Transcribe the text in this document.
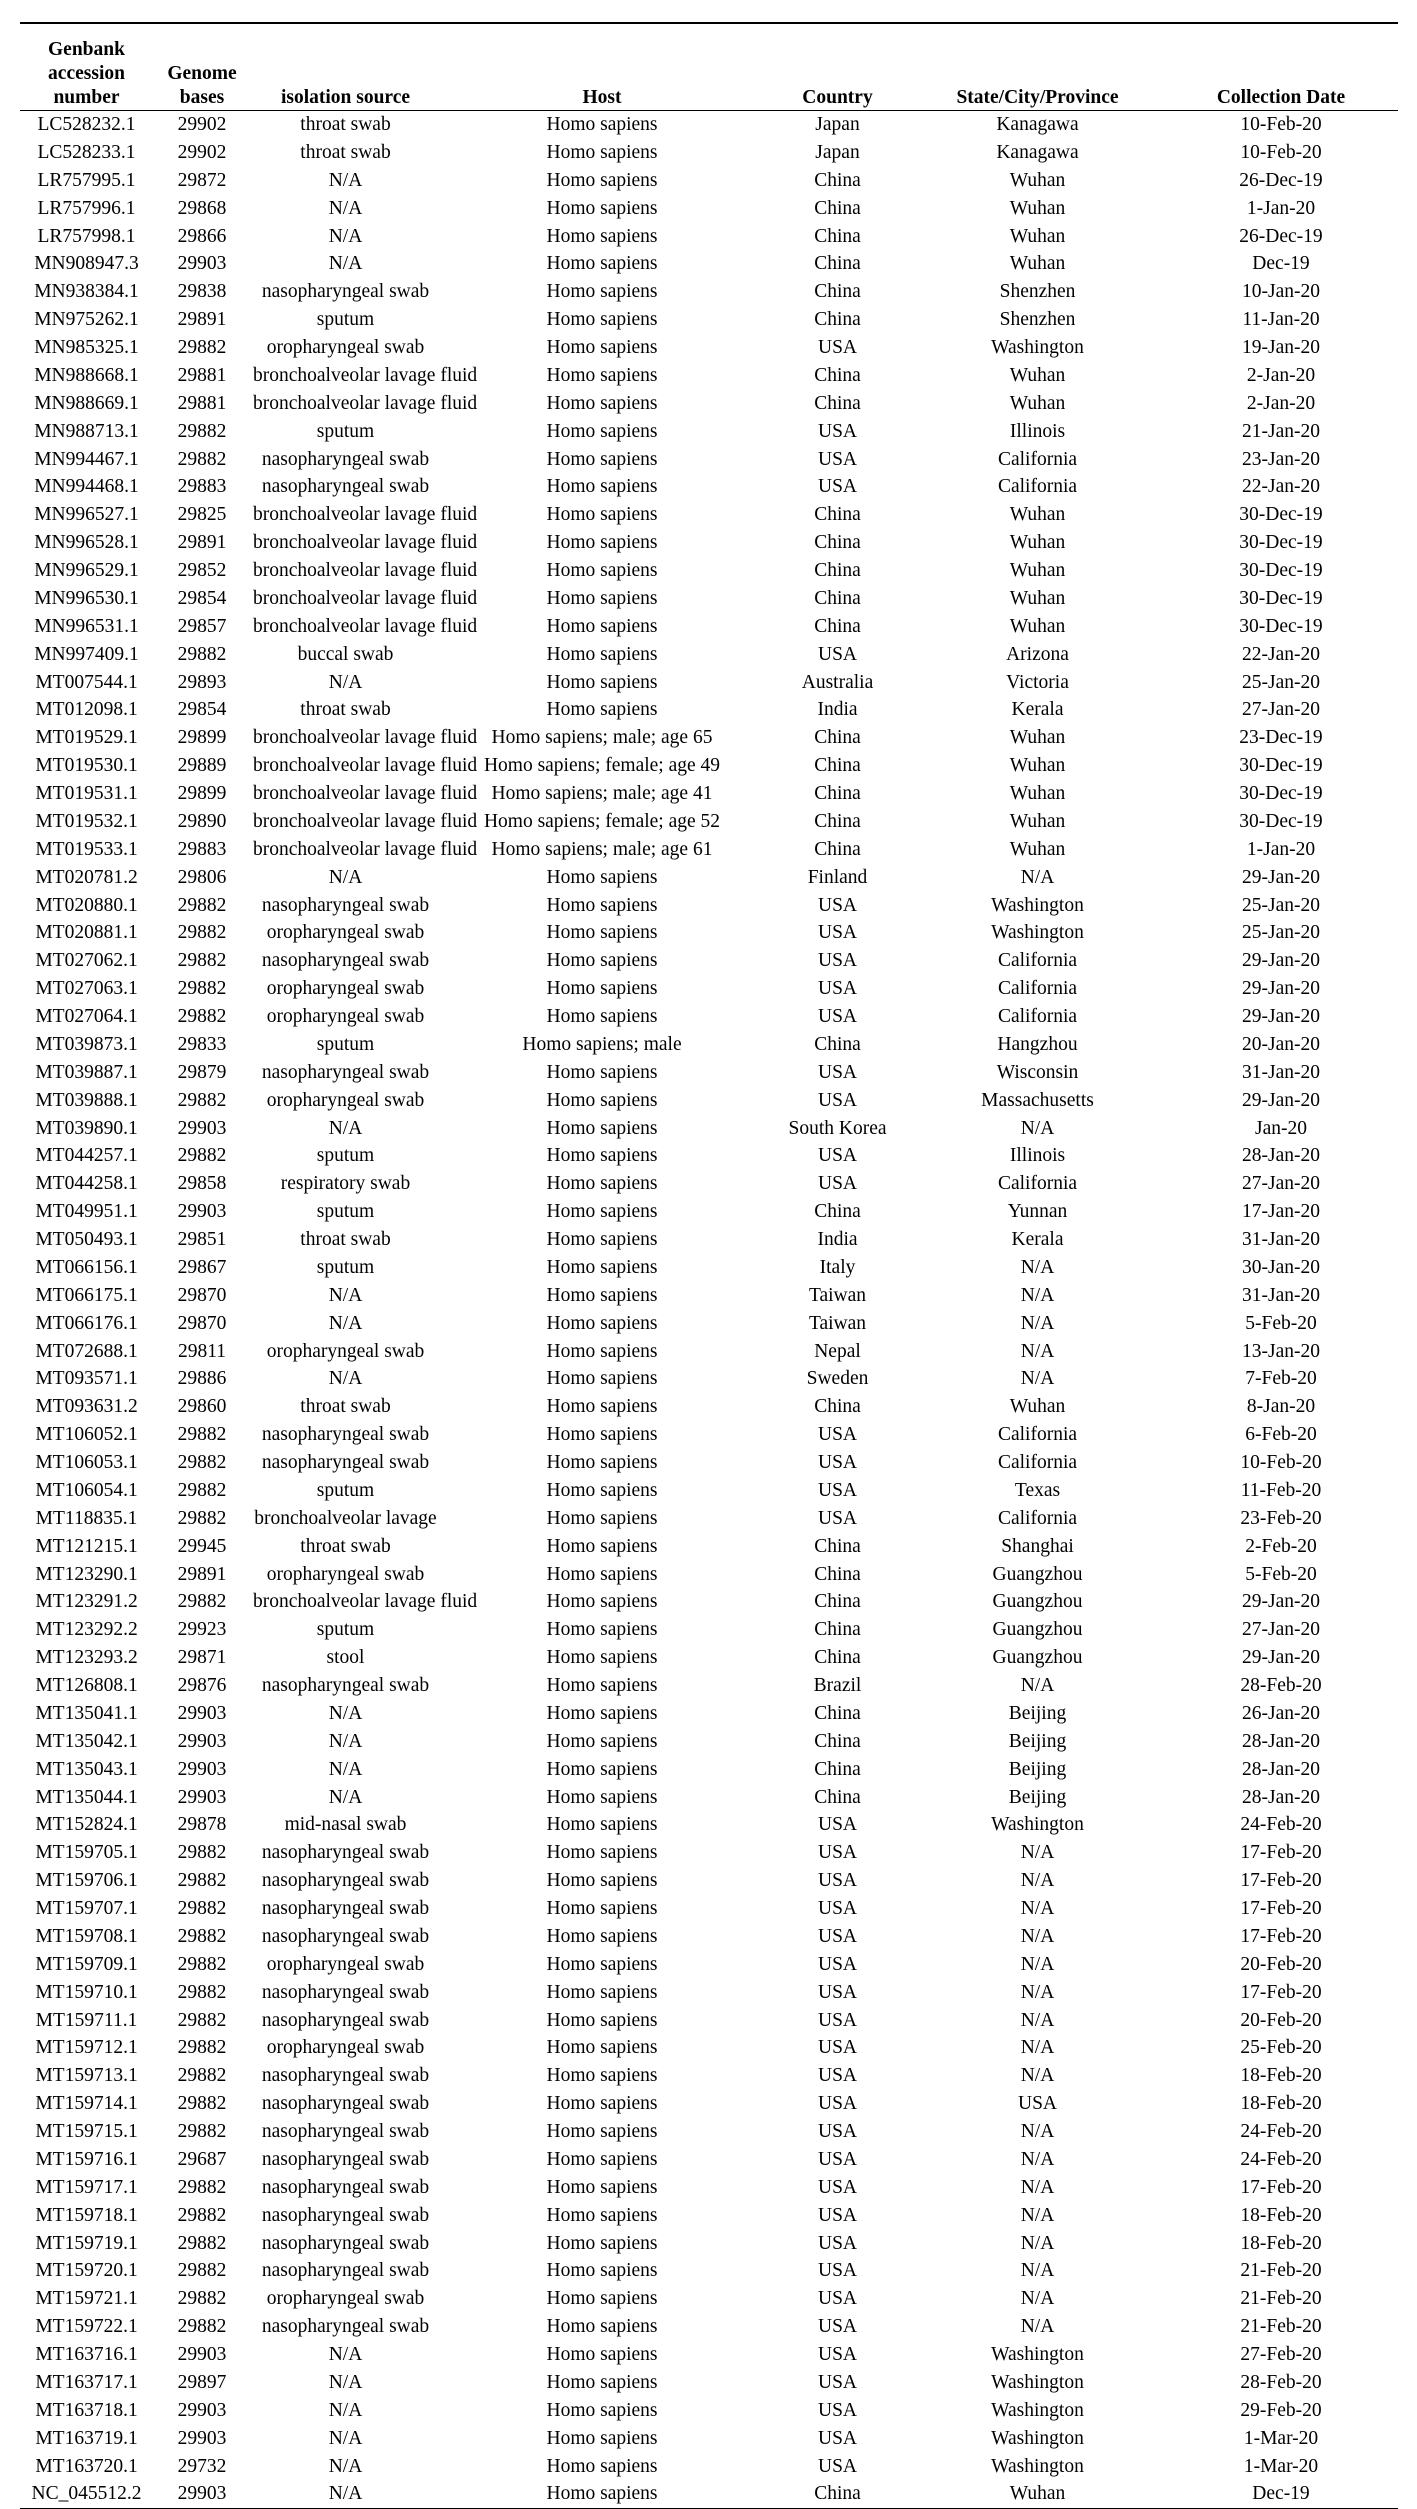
Genbank accession number	Genome bases	isolation source	Host	Country	State/City/Province	Collection Date
LC528232.1	29902	throat swab	Homo sapiens	Japan	Kanagawa	10-Feb-20
LC528233.1	29902	throat swab	Homo sapiens	Japan	Kanagawa	10-Feb-20
LR757995.1	29872	N/A	Homo sapiens	China	Wuhan	26-Dec-19
LR757996.1	29868	N/A	Homo sapiens	China	Wuhan	1-Jan-20
LR757998.1	29866	N/A	Homo sapiens	China	Wuhan	26-Dec-19
MN908947.3	29903	N/A	Homo sapiens	China	Wuhan	Dec-19
MN938384.1	29838	nasopharyngeal swab	Homo sapiens	China	Shenzhen	10-Jan-20
MN975262.1	29891	sputum	Homo sapiens	China	Shenzhen	11-Jan-20
MN985325.1	29882	oropharyngeal swab	Homo sapiens	USA	Washington	19-Jan-20
MN988668.1	29881	bronchoalveolar lavage fluid	Homo sapiens	China	Wuhan	2-Jan-20
MN988669.1	29881	bronchoalveolar lavage fluid	Homo sapiens	China	Wuhan	2-Jan-20
MN988713.1	29882	sputum	Homo sapiens	USA	Illinois	21-Jan-20
MN994467.1	29882	nasopharyngeal swab	Homo sapiens	USA	California	23-Jan-20
MN994468.1	29883	nasopharyngeal swab	Homo sapiens	USA	California	22-Jan-20
MN996527.1	29825	bronchoalveolar lavage fluid	Homo sapiens	China	Wuhan	30-Dec-19
MN996528.1	29891	bronchoalveolar lavage fluid	Homo sapiens	China	Wuhan	30-Dec-19
MN996529.1	29852	bronchoalveolar lavage fluid	Homo sapiens	China	Wuhan	30-Dec-19
MN996530.1	29854	bronchoalveolar lavage fluid	Homo sapiens	China	Wuhan	30-Dec-19
MN996531.1	29857	bronchoalveolar lavage fluid	Homo sapiens	China	Wuhan	30-Dec-19
MN997409.1	29882	buccal swab	Homo sapiens	USA	Arizona	22-Jan-20
MT007544.1	29893	N/A	Homo sapiens	Australia	Victoria	25-Jan-20
MT012098.1	29854	throat swab	Homo sapiens	India	Kerala	27-Jan-20
MT019529.1	29899	bronchoalveolar lavage fluid	Homo sapiens; male; age 65	China	Wuhan	23-Dec-19
MT019530.1	29889	bronchoalveolar lavage fluid	Homo sapiens; female; age 49	China	Wuhan	30-Dec-19
MT019531.1	29899	bronchoalveolar lavage fluid	Homo sapiens; male; age 41	China	Wuhan	30-Dec-19
MT019532.1	29890	bronchoalveolar lavage fluid	Homo sapiens; female; age 52	China	Wuhan	30-Dec-19
MT019533.1	29883	bronchoalveolar lavage fluid	Homo sapiens; male; age 61	China	Wuhan	1-Jan-20
MT020781.2	29806	N/A	Homo sapiens	Finland	N/A	29-Jan-20
MT020880.1	29882	nasopharyngeal swab	Homo sapiens	USA	Washington	25-Jan-20
MT020881.1	29882	oropharyngeal swab	Homo sapiens	USA	Washington	25-Jan-20
MT027062.1	29882	nasopharyngeal swab	Homo sapiens	USA	California	29-Jan-20
MT027063.1	29882	oropharyngeal swab	Homo sapiens	USA	California	29-Jan-20
MT027064.1	29882	oropharyngeal swab	Homo sapiens	USA	California	29-Jan-20
MT039873.1	29833	sputum	Homo sapiens; male	China	Hangzhou	20-Jan-20
MT039887.1	29879	nasopharyngeal swab	Homo sapiens	USA	Wisconsin	31-Jan-20
MT039888.1	29882	oropharyngeal swab	Homo sapiens	USA	Massachusetts	29-Jan-20
MT039890.1	29903	N/A	Homo sapiens	South Korea	N/A	Jan-20
MT044257.1	29882	sputum	Homo sapiens	USA	Illinois	28-Jan-20
MT044258.1	29858	respiratory swab	Homo sapiens	USA	California	27-Jan-20
MT049951.1	29903	sputum	Homo sapiens	China	Yunnan	17-Jan-20
MT050493.1	29851	throat swab	Homo sapiens	India	Kerala	31-Jan-20
MT066156.1	29867	sputum	Homo sapiens	Italy	N/A	30-Jan-20
MT066175.1	29870	N/A	Homo sapiens	Taiwan	N/A	31-Jan-20
MT066176.1	29870	N/A	Homo sapiens	Taiwan	N/A	5-Feb-20
MT072688.1	29811	oropharyngeal swab	Homo sapiens	Nepal	N/A	13-Jan-20
MT093571.1	29886	N/A	Homo sapiens	Sweden	N/A	7-Feb-20
MT093631.2	29860	throat swab	Homo sapiens	China	Wuhan	8-Jan-20
MT106052.1	29882	nasopharyngeal swab	Homo sapiens	USA	California	6-Feb-20
MT106053.1	29882	nasopharyngeal swab	Homo sapiens	USA	California	10-Feb-20
MT106054.1	29882	sputum	Homo sapiens	USA	Texas	11-Feb-20
MT118835.1	29882	bronchoalveolar lavage	Homo sapiens	USA	California	23-Feb-20
MT121215.1	29945	throat swab	Homo sapiens	China	Shanghai	2-Feb-20
MT123290.1	29891	oropharyngeal swab	Homo sapiens	China	Guangzhou	5-Feb-20
MT123291.2	29882	bronchoalveolar lavage fluid	Homo sapiens	China	Guangzhou	29-Jan-20
MT123292.2	29923	sputum	Homo sapiens	China	Guangzhou	27-Jan-20
MT123293.2	29871	stool	Homo sapiens	China	Guangzhou	29-Jan-20
MT126808.1	29876	nasopharyngeal swab	Homo sapiens	Brazil	N/A	28-Feb-20
MT135041.1	29903	N/A	Homo sapiens	China	Beijing	26-Jan-20
MT135042.1	29903	N/A	Homo sapiens	China	Beijing	28-Jan-20
MT135043.1	29903	N/A	Homo sapiens	China	Beijing	28-Jan-20
MT135044.1	29903	N/A	Homo sapiens	China	Beijing	28-Jan-20
MT152824.1	29878	mid-nasal swab	Homo sapiens	USA	Washington	24-Feb-20
MT159705.1	29882	nasopharyngeal swab	Homo sapiens	USA	N/A	17-Feb-20
MT159706.1	29882	nasopharyngeal swab	Homo sapiens	USA	N/A	17-Feb-20
MT159707.1	29882	nasopharyngeal swab	Homo sapiens	USA	N/A	17-Feb-20
MT159708.1	29882	nasopharyngeal swab	Homo sapiens	USA	N/A	17-Feb-20
MT159709.1	29882	oropharyngeal swab	Homo sapiens	USA	N/A	20-Feb-20
MT159710.1	29882	nasopharyngeal swab	Homo sapiens	USA	N/A	17-Feb-20
MT159711.1	29882	nasopharyngeal swab	Homo sapiens	USA	N/A	20-Feb-20
MT159712.1	29882	oropharyngeal swab	Homo sapiens	USA	N/A	25-Feb-20
MT159713.1	29882	nasopharyngeal swab	Homo sapiens	USA	N/A	18-Feb-20
MT159714.1	29882	nasopharyngeal swab	Homo sapiens	USA	USA	18-Feb-20
MT159715.1	29882	nasopharyngeal swab	Homo sapiens	USA	N/A	24-Feb-20
MT159716.1	29687	nasopharyngeal swab	Homo sapiens	USA	N/A	24-Feb-20
MT159717.1	29882	nasopharyngeal swab	Homo sapiens	USA	N/A	17-Feb-20
MT159718.1	29882	nasopharyngeal swab	Homo sapiens	USA	N/A	18-Feb-20
MT159719.1	29882	nasopharyngeal swab	Homo sapiens	USA	N/A	18-Feb-20
MT159720.1	29882	nasopharyngeal swab	Homo sapiens	USA	N/A	21-Feb-20
MT159721.1	29882	oropharyngeal swab	Homo sapiens	USA	N/A	21-Feb-20
MT159722.1	29882	nasopharyngeal swab	Homo sapiens	USA	N/A	21-Feb-20
MT163716.1	29903	N/A	Homo sapiens	USA	Washington	27-Feb-20
MT163717.1	29897	N/A	Homo sapiens	USA	Washington	28-Feb-20
MT163718.1	29903	N/A	Homo sapiens	USA	Washington	29-Feb-20
MT163719.1	29903	N/A	Homo sapiens	USA	Washington	1-Mar-20
MT163720.1	29732	N/A	Homo sapiens	USA	Washington	1-Mar-20
NC_045512.2	29903	N/A	Homo sapiens	China	Wuhan	Dec-19
